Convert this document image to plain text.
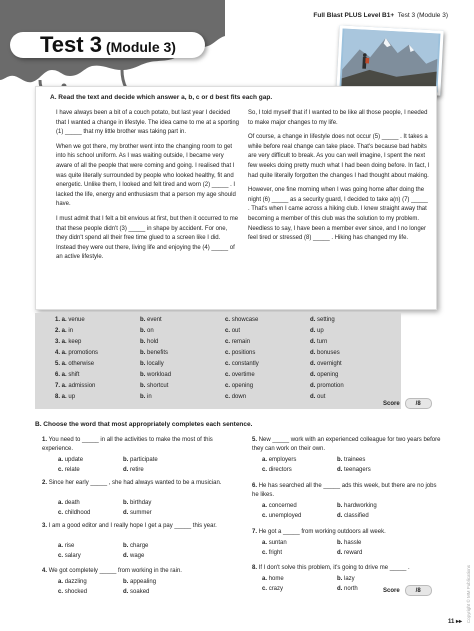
Test 3 (Module 3)
Full Blast PLUS Level B1+ Test 3 (Module 3)
A. Read the text and decide which answer a, b, c or d best fits each gap.

I have always been a bit of a couch potato, but last year I decided that I wanted a change in lifestyle. The idea came to me at a sporting (1) _____ that my little brother was taking part in.

When we got there, my brother went into the changing room to get into his school uniform. As I was waiting outside, I became very aware of all the people that were coming and going. I realised that I was quite literally surrounded by people who looked healthy, fit and energetic. Unlike them, I looked and felt tired and worn (2) _____ . I lacked the life, energy and enthusiasm that a person my age should have.

I must admit that I felt a bit envious at first, but then it occurred to me that these people didn't (3) _____ in shape by accident. For one, they didn't spend all their free time glued to a screen like I did. Instead they were out there, living life and enjoying the (4) _____ of an active lifestyle.

So, I told myself that if I wanted to be like all those people, I needed to make major changes to my life.

Of course, a change in lifestyle does not occur (5) _____ . It takes a while before real change can take place. That's because bad habits are very difficult to break. As you can well imagine, I spent the next few weeks doing pretty much what I had been doing before. In fact, I had quite literally forgotten the changes I had thought about making.

However, one fine morning when I was going home after doing the night (6) _____ as a security guard, I decided to take a(n) (7) _____ . That's when I came across a hiking club. I knew straight away that becoming a member of this club was the solution to my problem. Needless to say, I have been a member ever since, and I no longer feel tired or stressed (8) _____ . Hiking has changed my life.

1. a. venue	b. event	c. showcase	d. setting
2. a. in	b. on	c. out	d. up
3. a. keep	b. hold	c. remain	d. turn
4. a. promotions	b. benefits	c. positions	d. bonuses
5. a. otherwise	b. locally	c. constantly	d. overnight
6. a. shift	b. workload	c. overtime	d. opening
7. a. admission	b. shortcut	c. opening	d. promotion
8. a. up	b. in	c. down	d. out
Score	/ 8
B. Choose the word that most appropriately completes each sentence.
1. You need to _____ in all the activities to make the most of this experience.
a. update	b. participate
c. relate	d. retire
2. Since her early _____ , she had always wanted to be a musician.
a. death	b. birthday
c. childhood	d. summer
3. I am a good editor and I really hope I get a pay _____ this year.
a. rise	b. charge
c. salary	d. wage
4. We got completely _____ from working in the rain.
a. dazzling	b. appealing
c. shocked	d. soaked
5. New _____ work with an experienced colleague for two years before they can work on their own.
a. employers	b. trainees
c. directors	d. teenagers
6. He has searched all the _____ ads this week, but there are no jobs he likes.
a. concerned	b. hardworking
c. unemployed	d. classified
7. He got a _____ from working outdoors all week.
a. suntan	b. hassle
c. fright	d. reward
8. If I don't solve this problem, it's going to drive me _____ .
a. home	b. lazy
c. crazy	d. north	Score	/ 8	Copyright © MM Publications
11 ▸▸
